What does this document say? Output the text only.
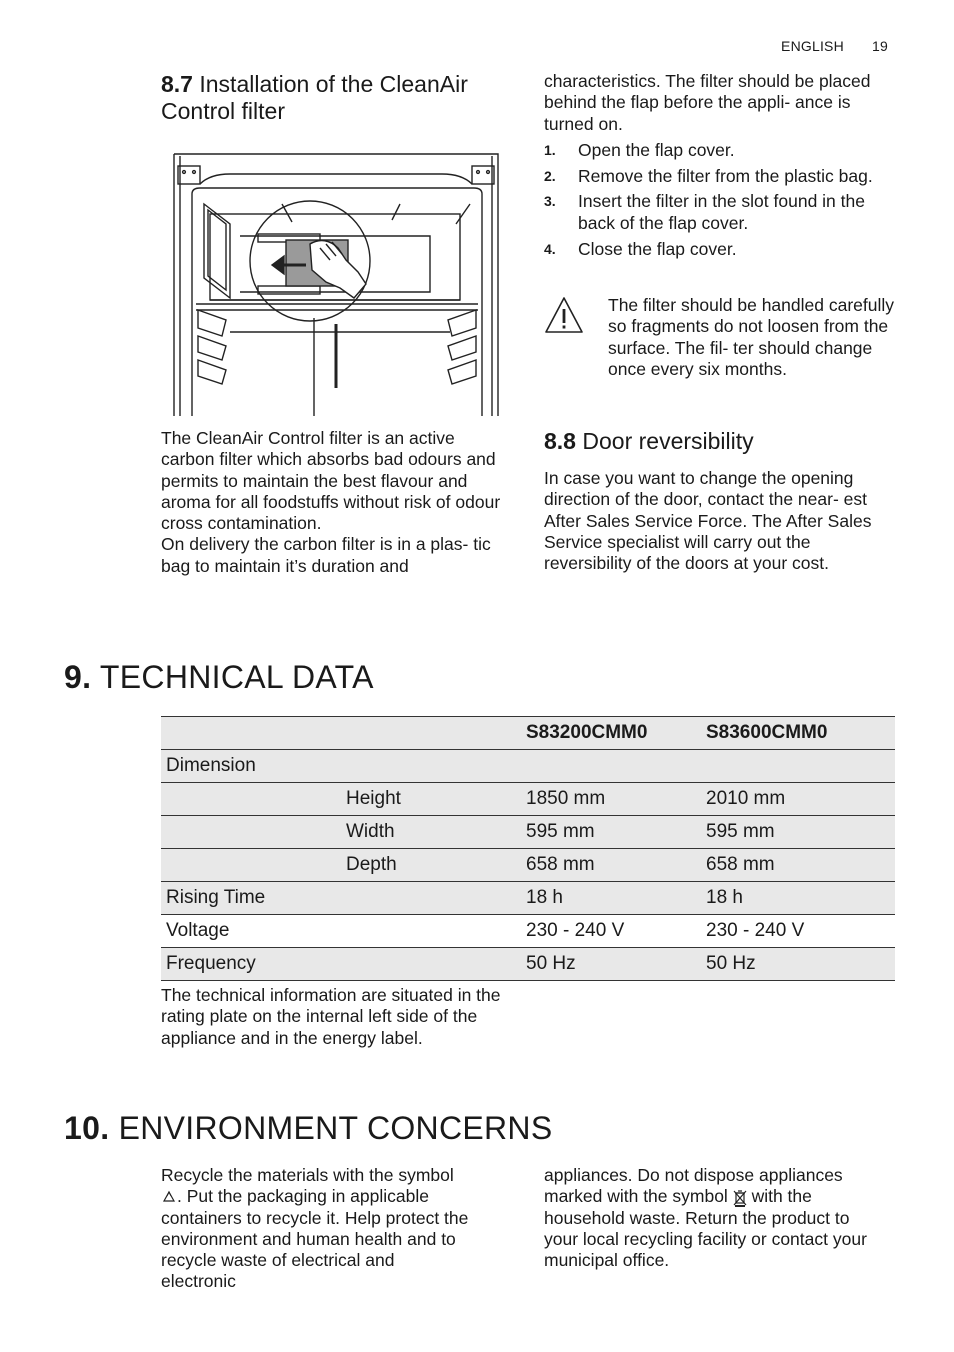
ENGLISH 19

8.7 Installation of the CleanAir Control filter

The CleanAir Control filter is an active carbon filter which absorbs bad odours and permits to maintain the best flavour and aroma for all foodstuffs without risk of odour cross contamination.

On delivery the carbon filter is in a plas- tic bag to maintain it’s duration and

characteristics. The filter should be placed behind the flap before the appli- ance is turned on.

1. Open the flap cover.
2. Remove the filter from the plastic bag.
3. Insert the filter in the slot found in the back of the flap cover.
4. Close the flap cover.

The filter should be handled carefully so fragments do not loosen from the surface. The fil- ter should change once every six months.

8.8 Door reversibility

In case you want to change the opening direction of the door, contact the near- est After Sales Service Force. The After Sales Service specialist will carry out the reversibility of the doors at your cost.

9. TECHNICAL DATA

		S83200CMM0	S83600CMM0
Dimension			
	Height	1850 mm	2010 mm
	Width	595 mm	595 mm
	Depth	658 mm	658 mm
Rising Time		18 h	18 h
Voltage		230 - 240 V	230 - 240 V
Frequency		50 Hz	50 Hz

The technical information are situated in the rating plate on the internal left side of the appliance and in the energy label.

10. ENVIRONMENT CONCERNS

Recycle the materials with the symbol . Put the packaging in applicable containers to recycle it. Help protect the environment and human health and to recycle waste of electrical and electronic

appliances. Do not dispose appliances marked with the symbol with the household waste. Return the product to your local recycling facility or contact your municipal office.
